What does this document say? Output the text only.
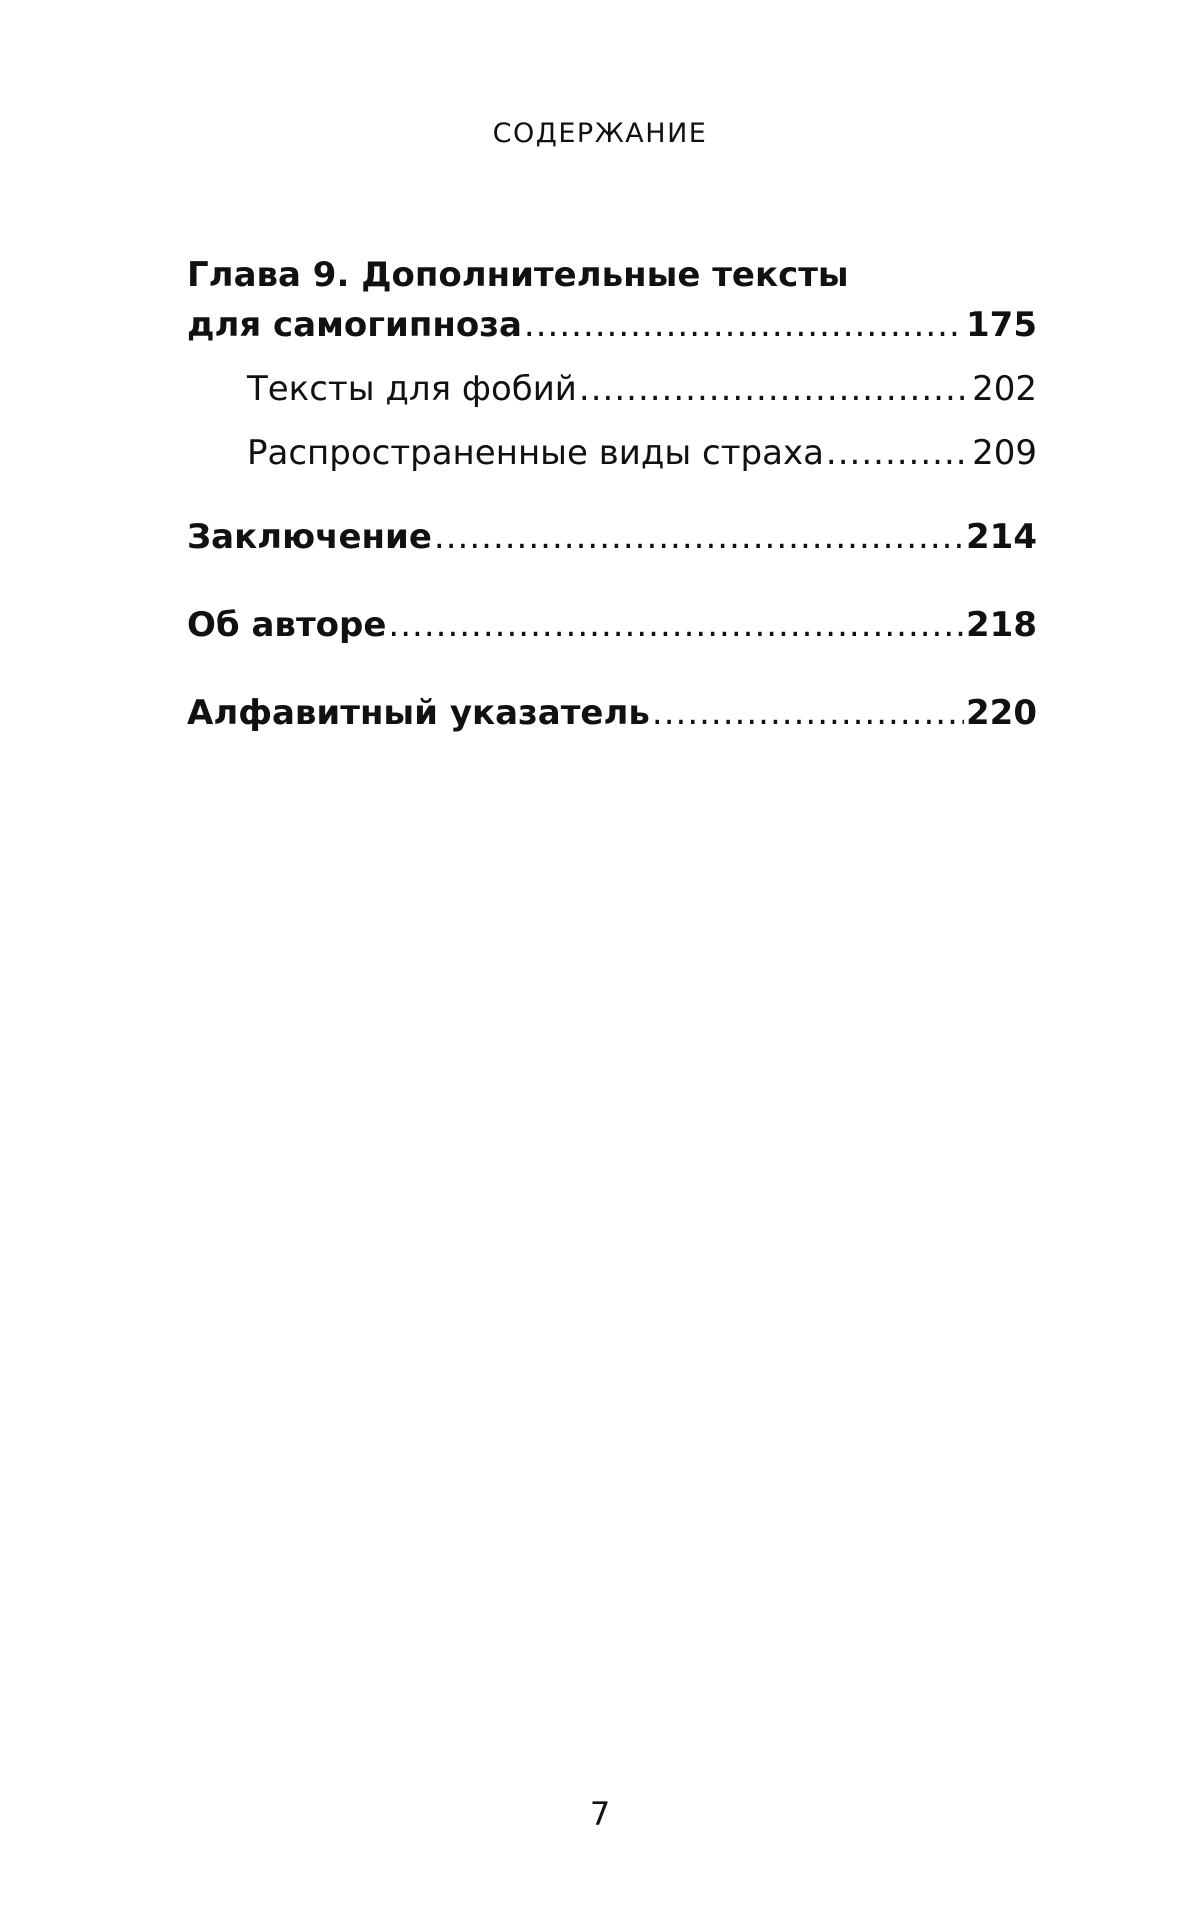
СОДЕРЖАНИЕ
Глава 9. Дополнительные тексты
для самогипноза .....	175
Тексты для фобий .....	202
Распространенные виды страха .....	209
Заключение .....	214
Об авторе .....	218
Алфавитный указатель .....	220
7
